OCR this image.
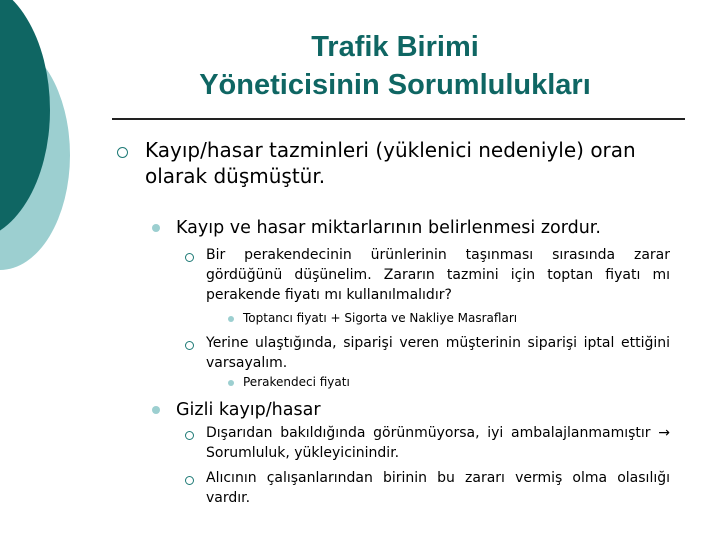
Trafik Birimi
Yöneticisinin Sorumlulukları
Kayıp/hasar tazminleri (yüklenici nedeniyle) oran olarak düşmüştür.
Kayıp ve hasar miktarlarının belirlenmesi zordur.
Bir perakendecinin ürünlerinin taşınması sırasında zarar gördüğünü düşünelim. Zararın tazmini için toptan fiyatı mı perakende fiyatı mı kullanılmalıdır?
Toptancı fiyatı + Sigorta ve Nakliye Masrafları
Yerine ulaştığında, siparişi veren müşterinin siparişi iptal ettiğini varsayalım.
Perakendeci fiyatı
Gizli kayıp/hasar
Dışarıdan bakıldığında görünmüyorsa, iyi ambalajlanmamıştır → Sorumluluk, yükleyicinindir.
Alıcının çalışanlarından birinin bu zararı vermiş olma olasılığı vardır.
